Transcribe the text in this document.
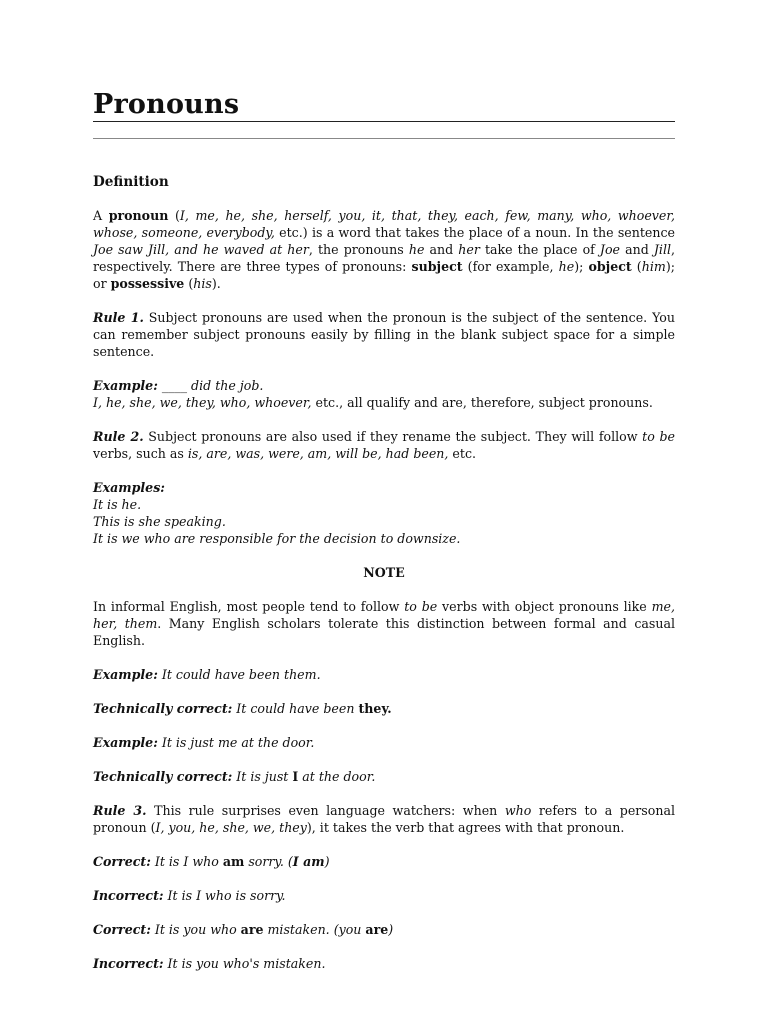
Pronouns
Definition

A pronoun (I, me, he, she, herself, you, it, that, they, each, few, many, who, whoever, whose, someone, everybody, etc.) is a word that takes the place of a noun. In the sentence Joe saw Jill, and he waved at her, the pronouns he and her take the place of Joe and Jill, respectively. There are three types of pronouns: subject (for example, he); object (him); or possessive (his).

Rule 1. Subject pronouns are used when the pronoun is the subject of the sentence. You can remember subject pronouns easily by filling in the blank subject space for a simple sentence.

Example: ____ did the job.
I, he, she, we, they, who, whoever, etc., all qualify and are, therefore, subject pronouns.

Rule 2. Subject pronouns are also used if they rename the subject. They will follow to be verbs, such as is, are, was, were, am, will be, had been, etc.

Examples:
It is he.
This is she speaking.
It is we who are responsible for the decision to downsize.
NOTE

In informal English, most people tend to follow to be verbs with object pronouns like me, her, them. Many English scholars tolerate this distinction between formal and casual English.

Example: It could have been them.

Technically correct: It could have been they.

Example: It is just me at the door.

Technically correct: It is just I at the door.

Rule 3. This rule surprises even language watchers: when who refers to a personal pronoun (I, you, he, she, we, they), it takes the verb that agrees with that pronoun.

Correct: It is I who am sorry. (I am)

Incorrect: It is I who is sorry.

Correct: It is you who are mistaken. (you are)

Incorrect: It is you who's mistaken.
